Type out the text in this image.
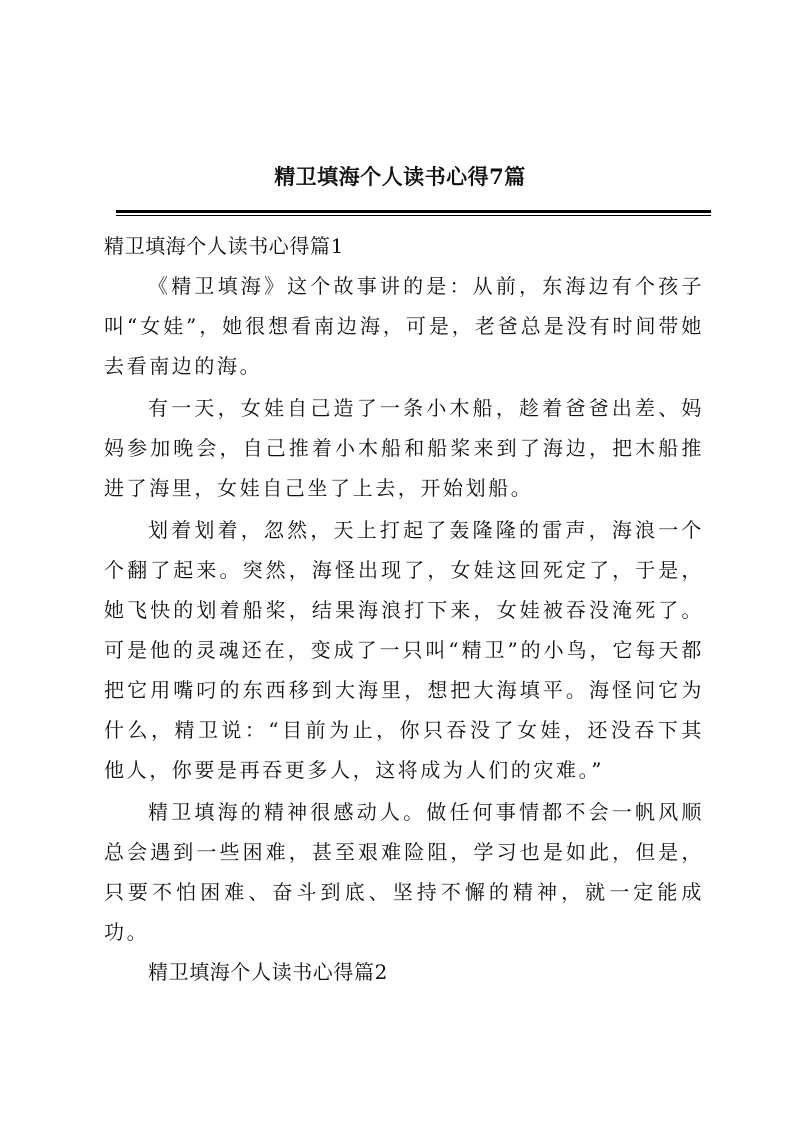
精卫填海个人读书心得7篇

精卫填海个人读书心得篇1

《精卫填海》这个故事讲的是：从前，东海边有个孩子叫“女娃”，她很想看南边海，可是，老爸总是没有时间带她去看南边的海。

有一天，女娃自己造了一条小木船，趁着爸爸出差、妈妈参加晚会，自己推着小木船和船桨来到了海边，把木船推进了海里，女娃自己坐了上去，开始划船。

划着划着，忽然，天上打起了轰隆隆的雷声，海浪一个个翻了起来。突然，海怪出现了，女娃这回死定了，于是，她飞快的划着船桨，结果海浪打下来，女娃被吞没淹死了。可是他的灵魂还在，变成了一只叫“精卫”的小鸟，它每天都把它用嘴叼的东西移到大海里，想把大海填平。海怪问它为什么，精卫说：“目前为止，你只吞没了女娃，还没吞下其他人，你要是再吞更多人，这将成为人们的灾难。”

精卫填海的精神很感动人。做任何事情都不会一帆风顺总会遇到一些困难，甚至艰难险阻，学习也是如此，但是，只要不怕困难、奋斗到底、坚持不懈的精神，就一定能成功。

精卫填海个人读书心得篇2
